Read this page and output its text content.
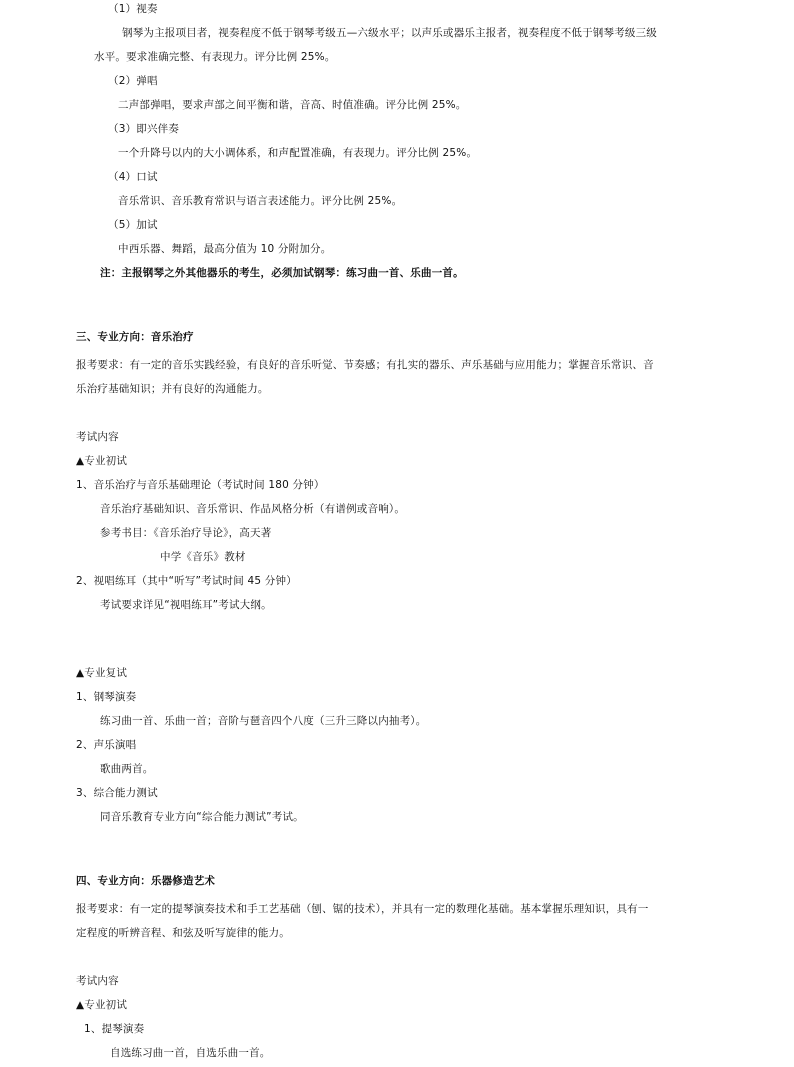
（1）视奏

钢琴为主报项目者，视奏程度不低于钢琴考级五—六级水平；以声乐或器乐主报者，视奏程度不低于钢琴考级三级

水平。要求准确完整、有表现力。评分比例 25%。

（2）弹唱

二声部弹唱，要求声部之间平衡和谐，音高、时值准确。评分比例 25%。

（3）即兴伴奏

一个升降号以内的大小调体系，和声配置准确，有表现力。评分比例 25%。

（4）口试

音乐常识、音乐教育常识与语言表述能力。评分比例 25%。

（5）加试

中西乐器、舞蹈，最高分值为 10 分附加分。

注：主报钢琴之外其他器乐的考生，必须加试钢琴：练习曲一首、乐曲一首。

三、专业方向：音乐治疗

报考要求：有一定的音乐实践经验，有良好的音乐听觉、节奏感；有扎实的器乐、声乐基础与应用能力；掌握音乐常识、音

乐治疗基础知识；并有良好的沟通能力。

考试内容

▲专业初试

1、音乐治疗与音乐基础理论（考试时间 180 分钟）

音乐治疗基础知识、音乐常识、作品风格分析（有谱例或音响）。

参考书目：《音乐治疗导论》，高天著

中学《音乐》教材

2、视唱练耳（其中“听写”考试时间 45 分钟）

考试要求详见“视唱练耳”考试大纲。

▲专业复试

1、钢琴演奏

练习曲一首、乐曲一首；音阶与琶音四个八度（三升三降以内抽考）。

2、声乐演唱

歌曲两首。

3、综合能力测试

同音乐教育专业方向“综合能力测试”考试。

四、专业方向：乐器修造艺术

报考要求：有一定的提琴演奏技术和手工艺基础（刨、锯的技术），并具有一定的数理化基础。基本掌握乐理知识，具有一

定程度的听辨音程、和弦及听写旋律的能力。

考试内容

▲专业初试

1、提琴演奏

自选练习曲一首，自选乐曲一首。
